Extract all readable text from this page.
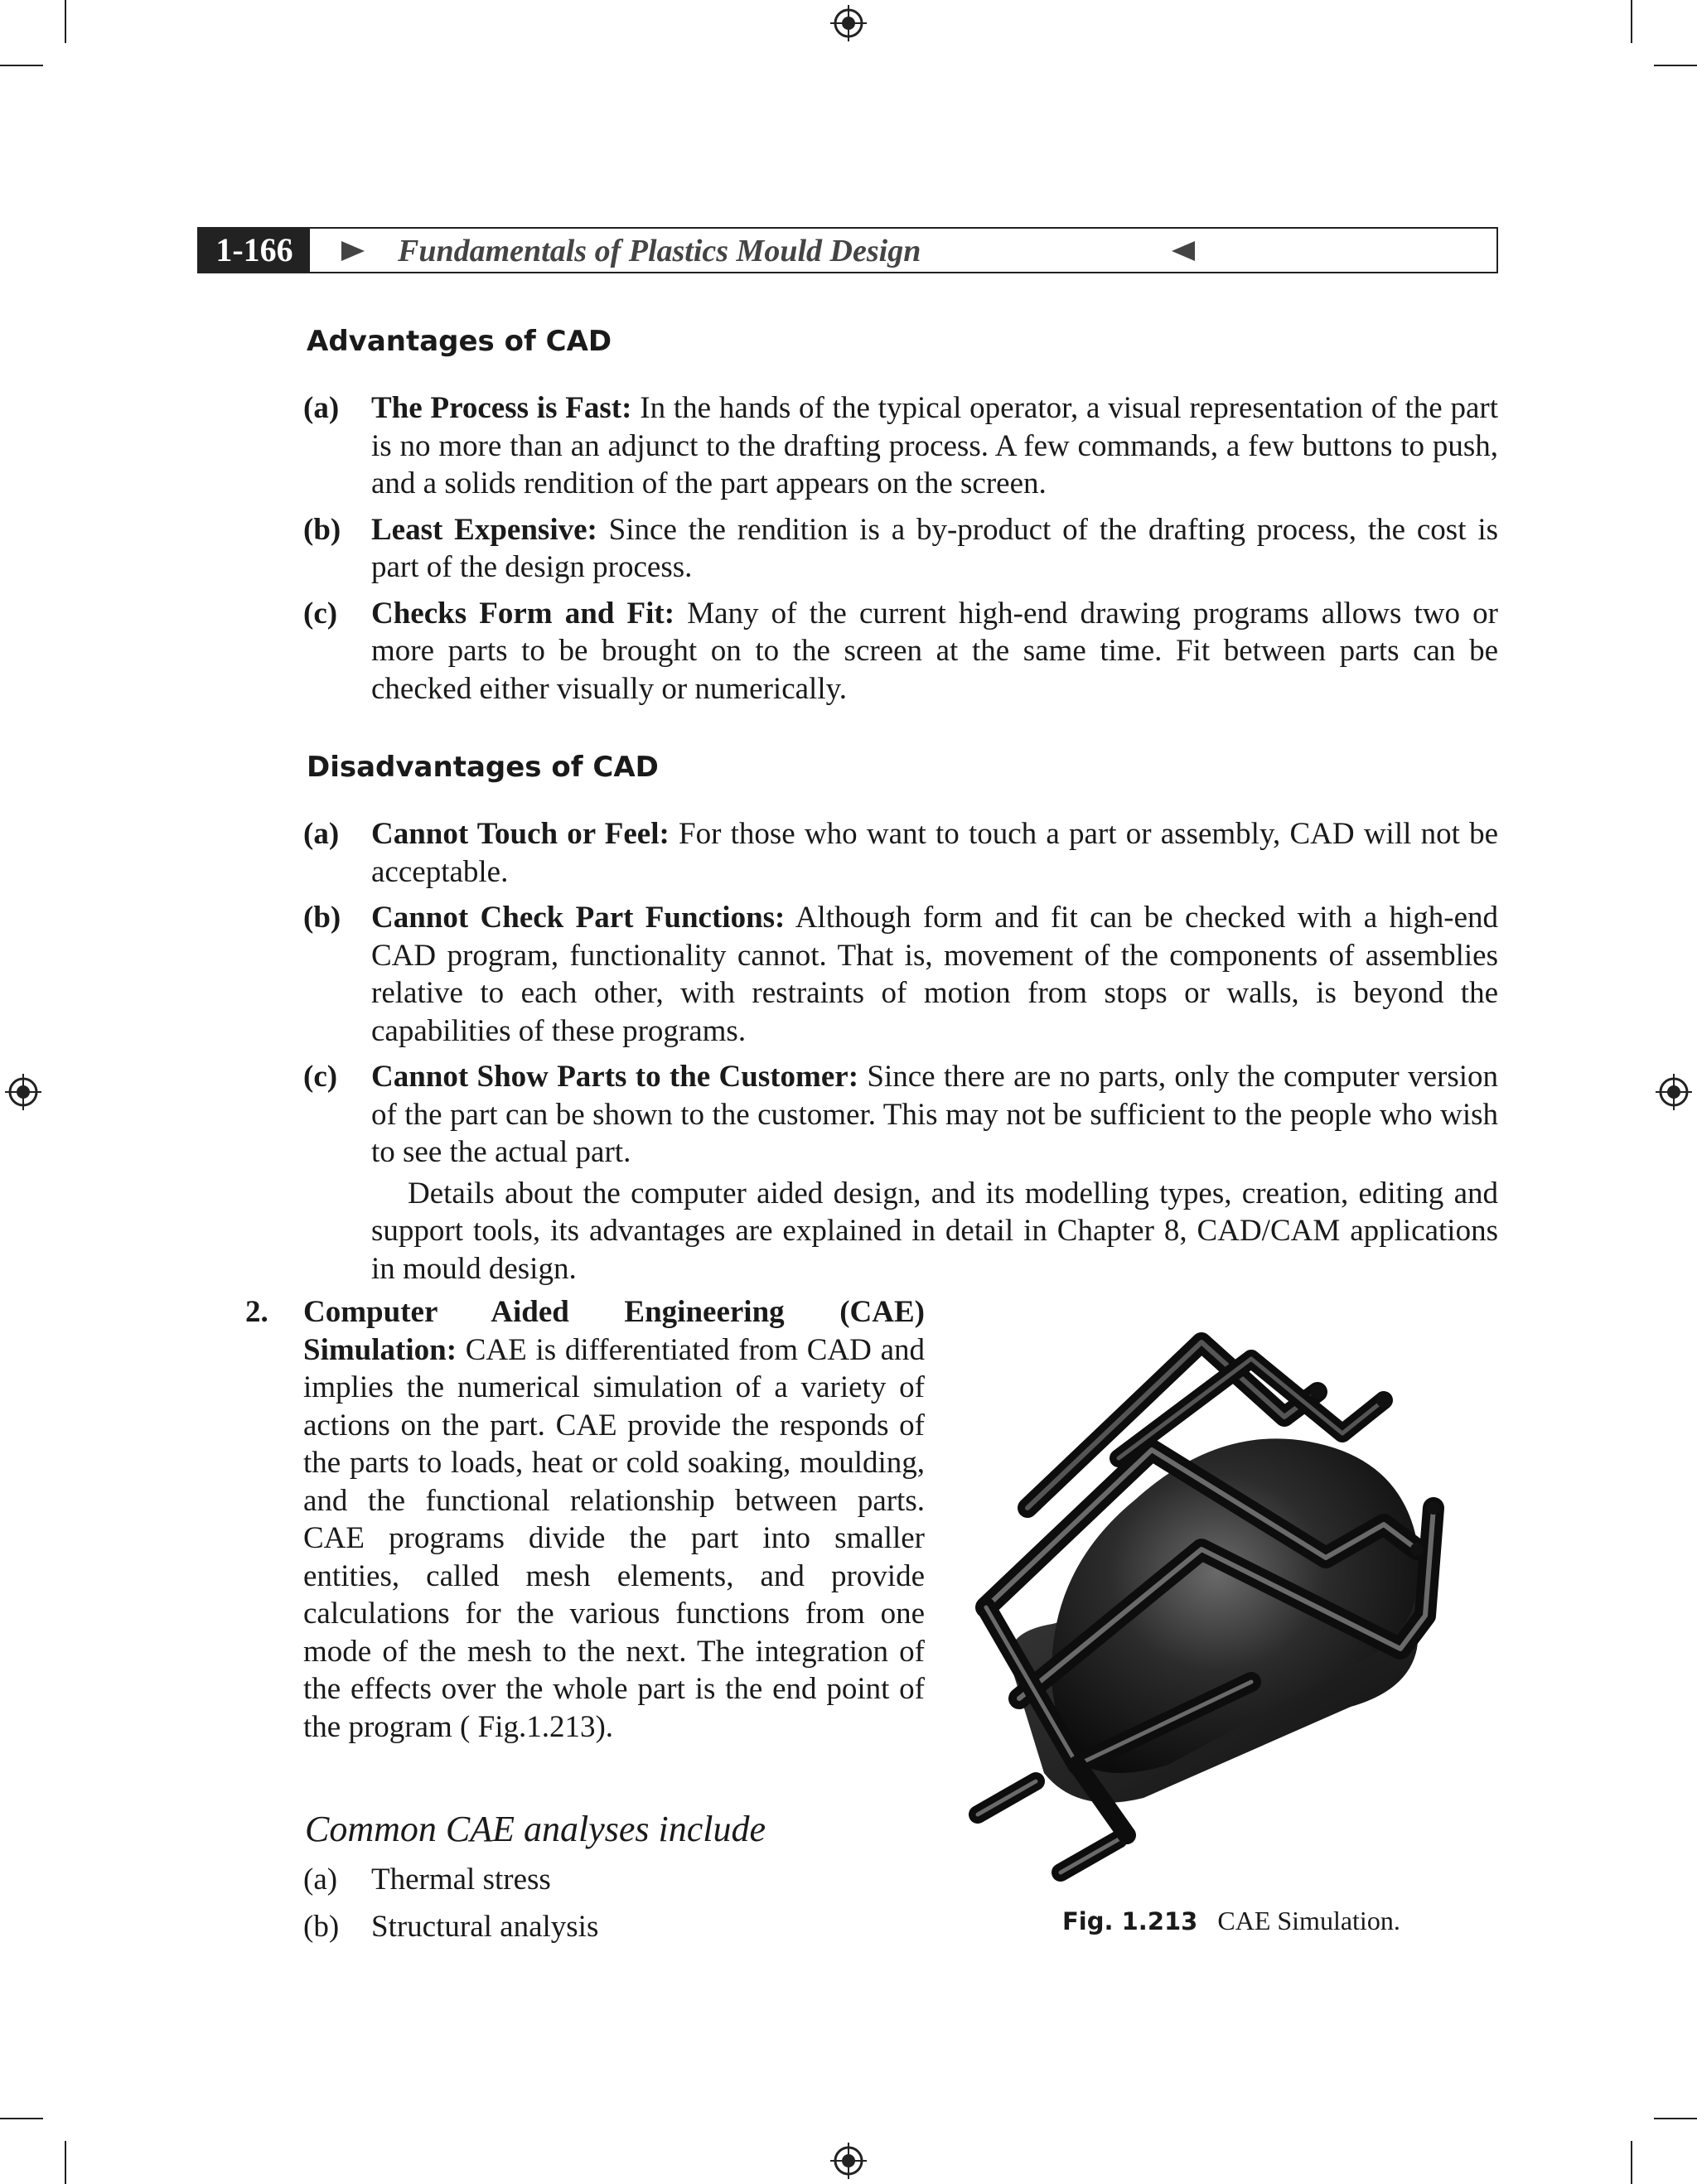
1-166	Fundamentals of Plastics Mould Design
Advantages of CAD
(a) The Process is Fast: In the hands of the typical operator, a visual representation of the part is no more than an adjunct to the drafting process. A few commands, a few buttons to push, and a solids rendition of the part appears on the screen.
(b) Least Expensive: Since the rendition is a by-product of the drafting process, the cost is part of the design process.
(c) Checks Form and Fit: Many of the current high-end drawing programs allows two or more parts to be brought on to the screen at the same time. Fit between parts can be checked either visually or numerically.
Disadvantages of CAD
(a) Cannot Touch or Feel: For those who want to touch a part or assembly, CAD will not be acceptable.
(b) Cannot Check Part Functions: Although form and fit can be checked with a high-end CAD program, functionality cannot. That is, movement of the components of assemblies relative to each other, with restraints of motion from stops or walls, is beyond the capabilities of these programs.
(c) Cannot Show Parts to the Customer: Since there are no parts, only the computer version of the part can be shown to the customer. This may not be sufficient to the people who wish to see the actual part.
Details about the computer aided design, and its modelling types, creation, editing and support tools, its advantages are explained in detail in Chapter 8, CAD/CAM applications in mould design.
2.	Computer Aided Engineering (CAE) Simulation: CAE is differentiated from CAD and implies the numerical simulation of a variety of actions on the part. CAE provide the responds of the parts to loads, heat or cold soaking, moulding, and the functional relationship between parts. CAE programs divide the part into smaller entities, called mesh elements, and provide calculations for the various functions from one mode of the mesh to the next. The integration of the effects over the whole part is the end point of the program ( Fig.1.213).
Common CAE analyses include
(a) Thermal stress
(b) Structural analysis	Fig. 1.213 CAE Simulation.
